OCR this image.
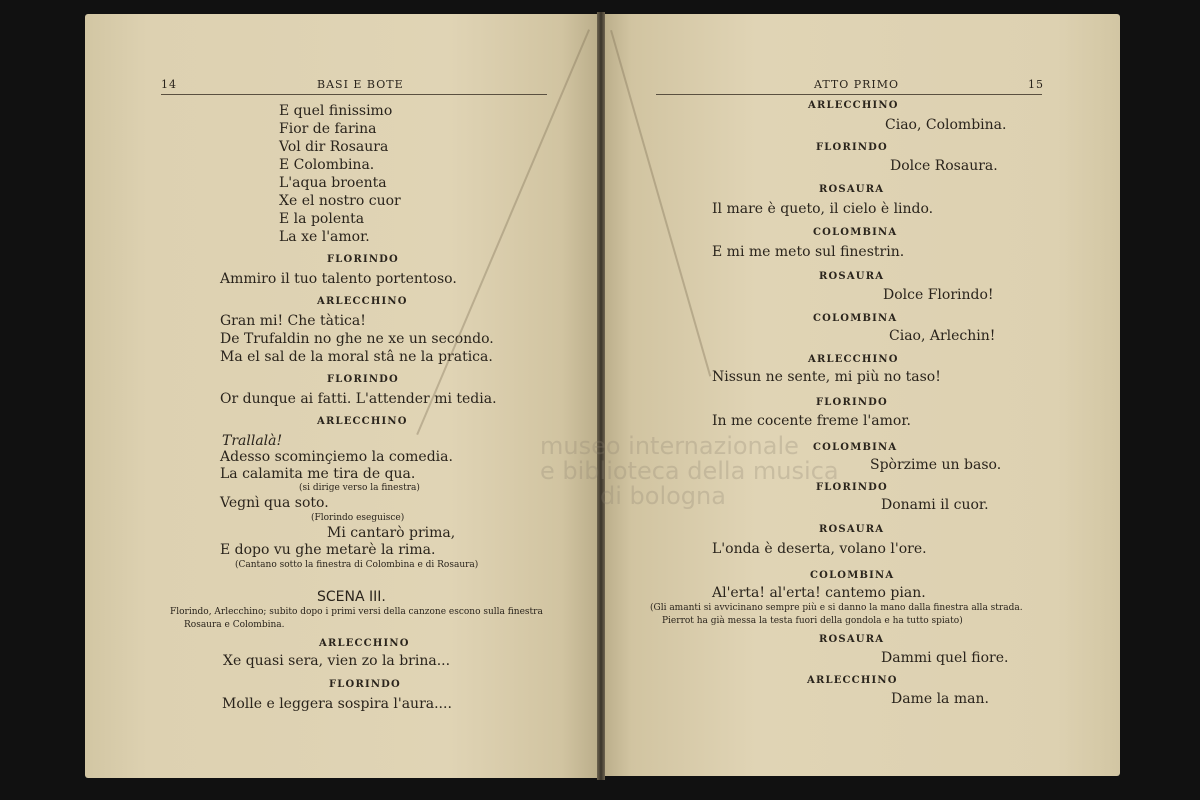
14	BASI E BOTE
E quel finissimo
Fior de farina
Vol dir Rosaura
E Colombina.
L'aqua broenta
Xe el nostro cuor
E la polenta
La xe l'amor.
FLORINDO
Ammiro il tuo talento portentoso.
ARLECCHINO
Gran mi! Che tàtica!
De Trufaldin no ghe ne xe un secondo.
Ma el sal de la moral stâ ne la pratica.
FLORINDO
Or dunque ai fatti. L'attender mi tedia.
ARLECCHINO
Trallalà!
Adesso scominçiemo la comedia.
La calamita me tira de qua.
(si dirige verso la finestra)
Vegnì qua soto.
(Florindo eseguisce)
Mi cantarò prima,
E dopo vu ghe metarè la rima.
(Cantano sotto la finestra di Colombina e di Rosaura)
SCENA III.
Florindo, Arlecchino; subito dopo i primi versi della canzone escono sulla finestra
Rosaura e Colombina.
ARLECCHINO
Xe quasi sera, vien zo la brina...
FLORINDO
Molle e leggera sospira l'aura....
ATTO PRIMO	15
ARLECCHINO
Ciao, Colombina.
FLORINDO
Dolce Rosaura.
ROSAURA
Il mare è queto, il cielo è lindo.
COLOMBINA
E mi me meto sul finestrin.
ROSAURA
Dolce Florindo!
COLOMBINA
Ciao, Arlechin!
ARLECCHINO
Nissun ne sente, mi più no taso!
FLORINDO
In me cocente freme l'amor.
COLOMBINA
Spòrzime un baso.
FLORINDO
Donami il cuor.
ROSAURA
L'onda è deserta, volano l'ore.
COLOMBINA
Al'erta! al'erta! cantemo pian.
(Gli amanti si avvicinano sempre più e si danno la mano dalla finestra alla strada.
Pierrot ha già messa la testa fuori della gondola e ha tutto spiato)
ROSAURA
Dammi quel fiore.
ARLECCHINO
Dame la man.
museo internazionale
e biblioteca della musica
di bologna
